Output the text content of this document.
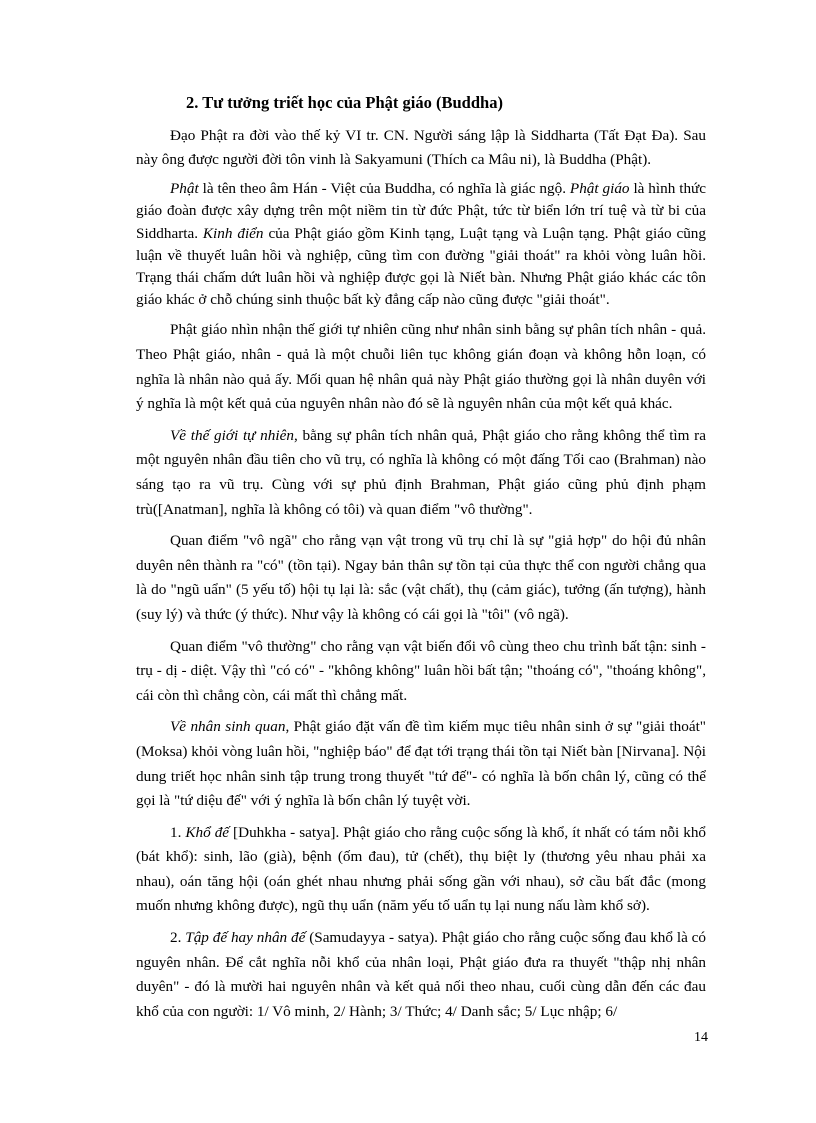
2. Tư tưởng triết học của Phật giáo (Buddha)

Đạo Phật ra đời vào thế kỷ VI tr. CN. Người sáng lập là Siddharta (Tất Đạt Đa). Sau này ông được người đời tôn vinh là Sakyamuni (Thích ca Mâu ni), là Buddha (Phật).

Phật là tên theo âm Hán - Việt của Buddha, có nghĩa là giác ngộ. Phật giáo là hình thức giáo đoàn được xây dựng trên một niềm tin từ đức Phật, tức từ biển lớn trí tuệ và từ bi của Siddharta. Kinh điển của Phật giáo gồm Kinh tạng, Luật tạng và Luận tạng. Phật giáo cũng luận về thuyết luân hồi và nghiệp, cũng tìm con đường "giải thoát" ra khỏi vòng luân hồi. Trạng thái chấm dứt luân hồi và nghiệp được gọi là Niết bàn. Nhưng Phật giáo khác các tôn giáo khác ở chỗ chúng sinh thuộc bất kỳ đẳng cấp nào cũng được "giải thoát".

Phật giáo nhìn nhận thế giới tự nhiên cũng như nhân sinh bằng sự phân tích nhân - quả. Theo Phật giáo, nhân - quả là một chuỗi liên tục không gián đoạn và không hỗn loạn, có nghĩa là nhân nào quả ấy. Mối quan hệ nhân quả này Phật giáo thường gọi là nhân duyên với ý nghĩa là một kết quả của nguyên nhân nào đó sẽ là nguyên nhân của một kết quả khác.

Về thế giới tự nhiên, bằng sự phân tích nhân quả, Phật giáo cho rằng không thể tìm ra một nguyên nhân đầu tiên cho vũ trụ, có nghĩa là không có một đấng Tối cao (Brahman) nào sáng tạo ra vũ trụ. Cùng với sự phủ định Brahman, Phật giáo cũng phủ định phạm trù([Anatman], nghĩa là không có tôi) và quan điểm "vô thường".

Quan điểm "vô ngã" cho rằng vạn vật trong vũ trụ chỉ là sự "giả hợp" do hội đủ nhân duyên nên thành ra "có" (tồn tại). Ngay bản thân sự tồn tại của thực thể con người chẳng qua là do "ngũ uẩn" (5 yếu tố) hội tụ lại là: sắc (vật chất), thụ (cảm giác), tưởng (ấn tượng), hành (suy lý) và thức (ý thức). Như vậy là không có cái gọi là "tôi" (vô ngã).

Quan điểm "vô thường" cho rằng vạn vật biến đổi vô cùng theo chu trình bất tận: sinh - trụ - dị - diệt. Vậy thì "có có" - "không không" luân hồi bất tận; "thoáng có", "thoáng không", cái còn thì chẳng còn, cái mất thì chẳng mất.

Về nhân sinh quan, Phật giáo đặt vấn đề tìm kiếm mục tiêu nhân sinh ở sự "giải thoát" (Moksa) khỏi vòng luân hồi, "nghiệp báo" để đạt tới trạng thái tồn tại Niết bàn [Nirvana]. Nội dung triết học nhân sinh tập trung trong thuyết "tứ đế"- có nghĩa là bốn chân lý, cũng có thể gọi là "tứ diệu đế" với ý nghĩa là bốn chân lý tuyệt vời.

1. Khổ đế [Duhkha - satya]. Phật giáo cho rằng cuộc sống là khổ, ít nhất có tám nỗi khổ (bát khổ): sinh, lão (già), bệnh (ốm đau), tử (chết), thụ biệt ly (thương yêu nhau phải xa nhau), oán tăng hội (oán ghét nhau nhưng phải sống gần với nhau), sở cầu bất đắc (mong muốn nhưng không được), ngũ thụ uẩn (năm yếu tố uẩn tụ lại nung nấu làm khổ sở).

2. Tập đế hay nhân đế (Samudayya - satya). Phật giáo cho rằng cuộc sống đau khổ là có nguyên nhân. Để cắt nghĩa nỗi khổ của nhân loại, Phật giáo đưa ra thuyết "thập nhị nhân duyên" - đó là mười hai nguyên nhân và kết quả nối theo nhau, cuối cùng dẫn đến các đau khổ của con người: 1/ Vô minh, 2/ Hành; 3/ Thức; 4/ Danh sắc; 5/ Lục nhập; 6/

14
